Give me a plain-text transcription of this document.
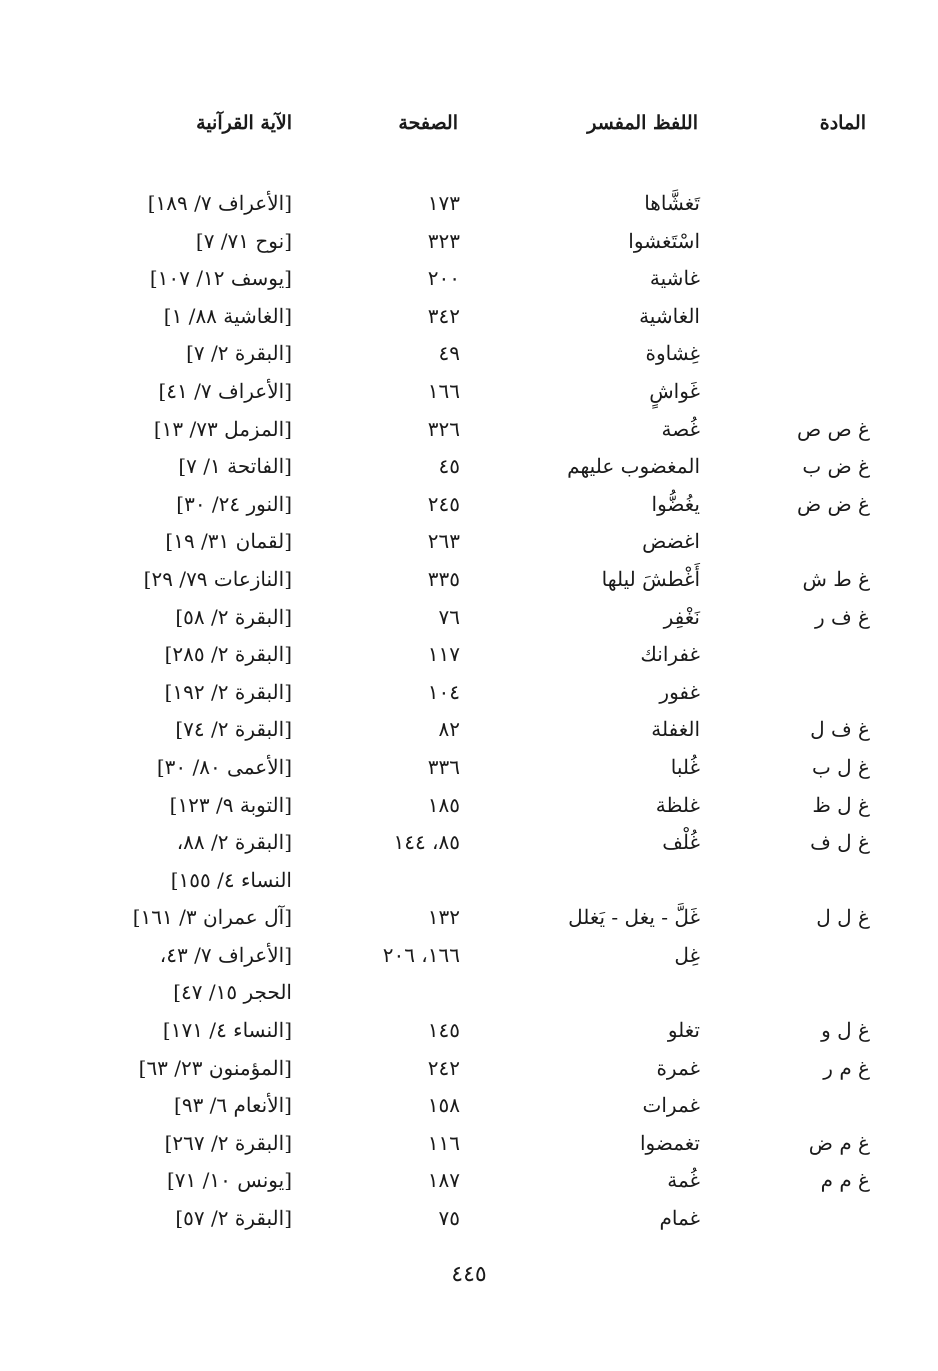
المادة
اللفظ المفسر
الصفحة
الآية القرآنية
تَغشَّاها
١٧٣
[الأعراف ٧/ ١٨٩]
اسْتَغشوا
٣٢٣
[نوح ٧١/ ٧]
غاشية
٢٠٠
[يوسف ١٢/ ١٠٧]
الغاشية
٣٤٢
[الغاشية ٨٨/ ١]
غِشاوة
٤٩
[البقرة ٢/ ٧]
غَواشٍ
١٦٦
[الأعراف ٧/ ٤١]
غ ص ص
غُصة
٣٢٦
[المزمل ٧٣/ ١٣]
غ ض ب
المغضوب عليهم
٤٥
[الفاتحة ١/ ٧]
غ ض ض
يغُضُّوا
٢٤٥
[النور ٢٤/ ٣٠]
اغضض
٢٦٣
[لقمان ٣١/ ١٩]
غ ط ش
أَغْطشَ ليلها
٣٣٥
[النازعات ٧٩/ ٢٩]
غ ف ر
نَغْفِر
٧٦
[البقرة ٢/ ٥٨]
غفرانك
١١٧
[البقرة ٢/ ٢٨٥]
غفور
١٠٤
[البقرة ٢/ ١٩٢]
غ ف ل
الغفلة
٨٢
[البقرة ٢/ ٧٤]
غ ل ب
غُلبا
٣٣٦
[الأعمى ٨٠/ ٣٠]
غ ل ظ
غلظة
١٨٥
[التوبة ٩/ ١٢٣]
غ ل ف
غُلْف
٨٥، ١٤٤
[البقرة ٢/ ٨٨،
النساء ٤/ ١٥٥]
غ ل ل
غَلَّ - يغل - يَغلل
١٣٢
[آل عمران ٣/ ١٦١]
غِل
١٦٦، ٢٠٦
[الأعراف ٧/ ٤٣،
الحجر ١٥/ ٤٧]
غ ل و
تغلو
١٤٥
[النساء ٤/ ١٧١]
غ م ر
غمرة
٢٤٢
[المؤمنون ٢٣/ ٦٣]
غمرات
١٥٨
[الأنعام ٦/ ٩٣]
غ م ض
تغمضوا
١١٦
[البقرة ٢/ ٢٦٧]
غ م م
غُمة
١٨٧
[يونس ١٠/ ٧١]
غمام
٧٥
[البقرة ٢/ ٥٧]
٤٤٥
